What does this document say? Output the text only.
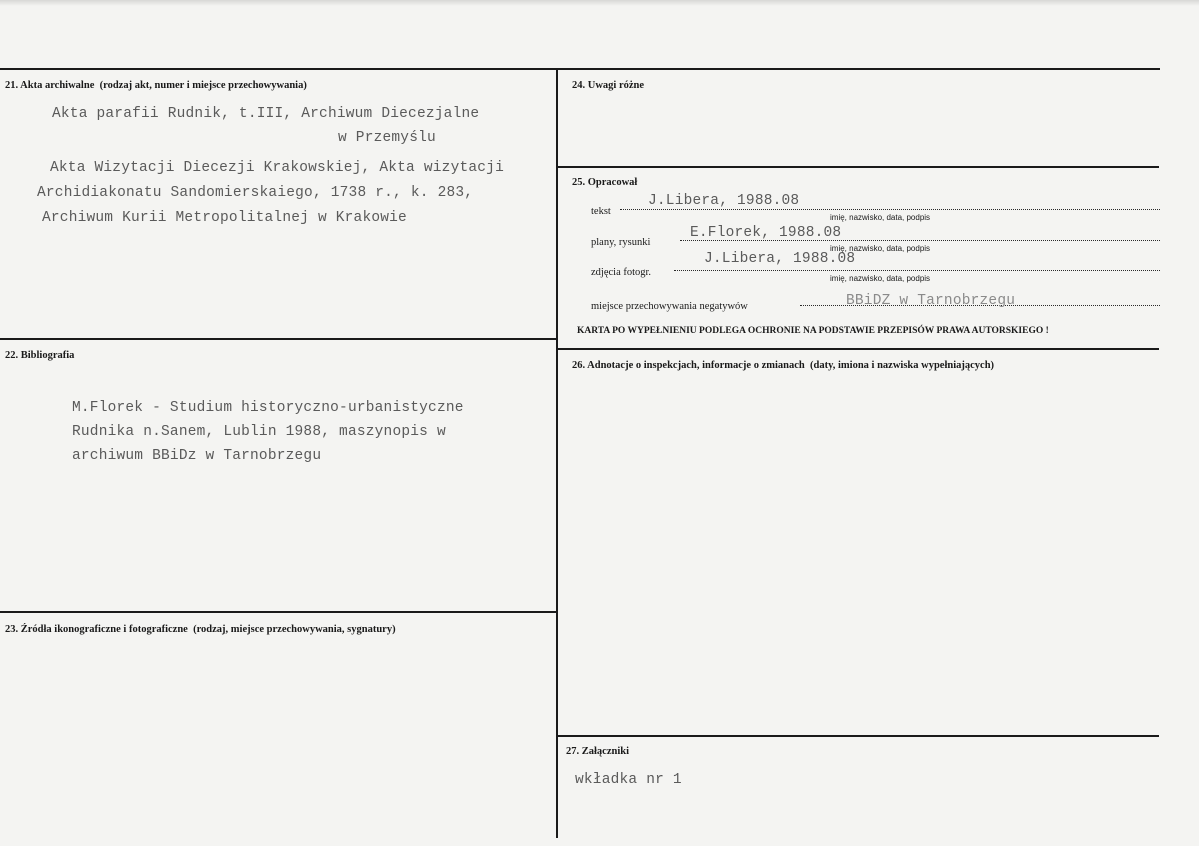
21. Akta archiwalne (rodzaj akt, numer i miejsce przechowywania)
Akta parafii Rudnik, t.III, Archiwum Diecezjalne
w Przemyślu
Akta Wizytacji Diecezji Krakowskiej, Akta wizytacji
Archidiakonatu Sandomierskaiego, 1738 r., k. 283,
Archiwum Kurii Metropolitalnej w Krakowie
22. Bibliografia
M.Florek - Studium historyczno-urbanistyczne
Rudnika n.Sanem, Lublin 1988, maszynopis w
archiwum BBiDz w Tarnobrzegu
23. Źródła ikonograficzne i fotograficzne (rodzaj, miejsce przechowywania, sygnatury)
24. Uwagi różne
25. Opracował
tekst
J.Libera, 1988.08
imię, nazwisko, data, podpis
plany, rysunki
E.Florek, 1988.08
imię, nazwisko, data, podpis
zdjęcia fotogr.
J.Libera, 1988.08
imię, nazwisko, data, podpis
miejsce przechowywania negatywów	BBiDZ w Tarnobrzegu
KARTA PO WYPEŁNIENIU PODLEGA OCHRONIE NA PODSTAWIE PRZEPISÓW PRAWA AUTORSKIEGO !
26. Adnotacje o inspekcjach, informacje o zmianach (daty, imiona i nazwiska wypełniających)
27. Załączniki
wkładka nr 1
